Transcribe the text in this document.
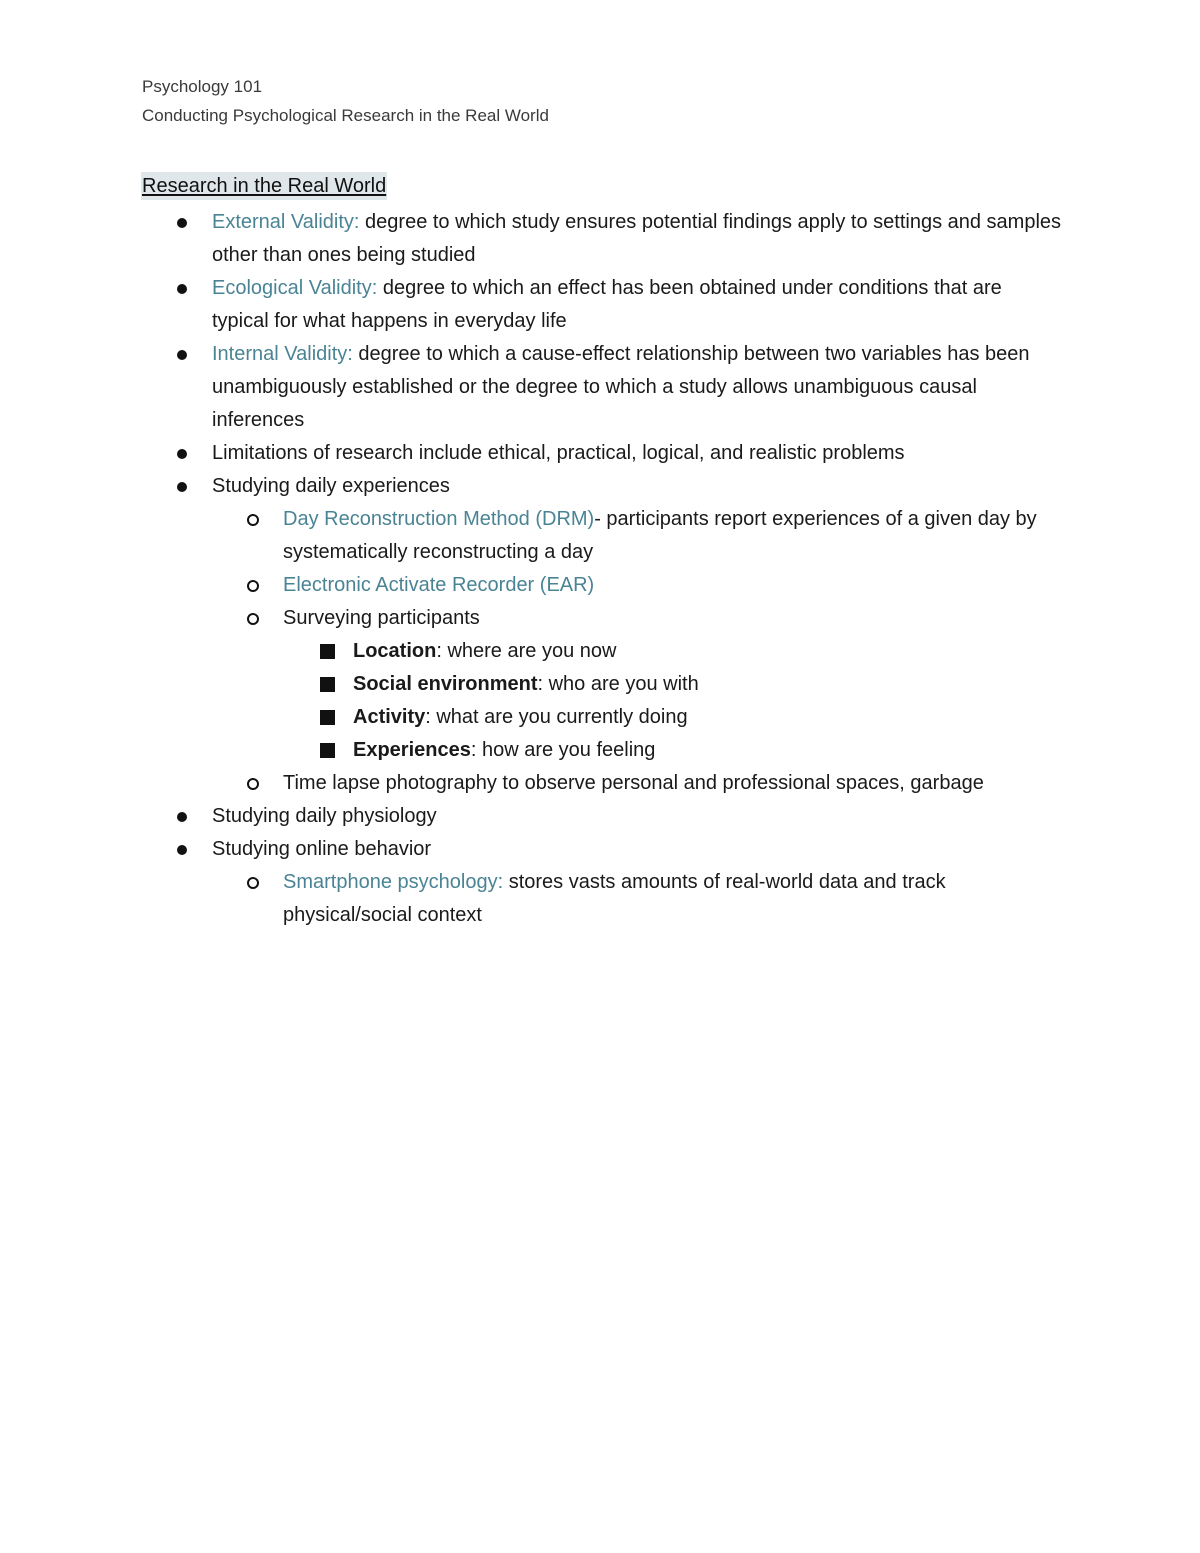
Psychology 101
Conducting Psychological Research in the Real World
Research in the Real World
External Validity: degree to which study ensures potential findings apply to settings and samples other than ones being studied
Ecological Validity: degree to which an effect has been obtained under conditions that are typical for what happens in everyday life
Internal Validity: degree to which a cause-effect relationship between two variables has been unambiguously established or the degree to which a study allows unambiguous causal inferences
Limitations of research include ethical, practical, logical, and realistic problems
Studying daily experiences
Day Reconstruction Method (DRM)- participants report experiences of a given day by systematically reconstructing a day
Electronic Activate Recorder (EAR)
Surveying participants
Location: where are you now
Social environment: who are you with
Activity: what are you currently doing
Experiences: how are you feeling
Time lapse photography to observe personal and professional spaces, garbage
Studying daily physiology
Studying online behavior
Smartphone psychology: stores vasts amounts of real-world data and track physical/social context
